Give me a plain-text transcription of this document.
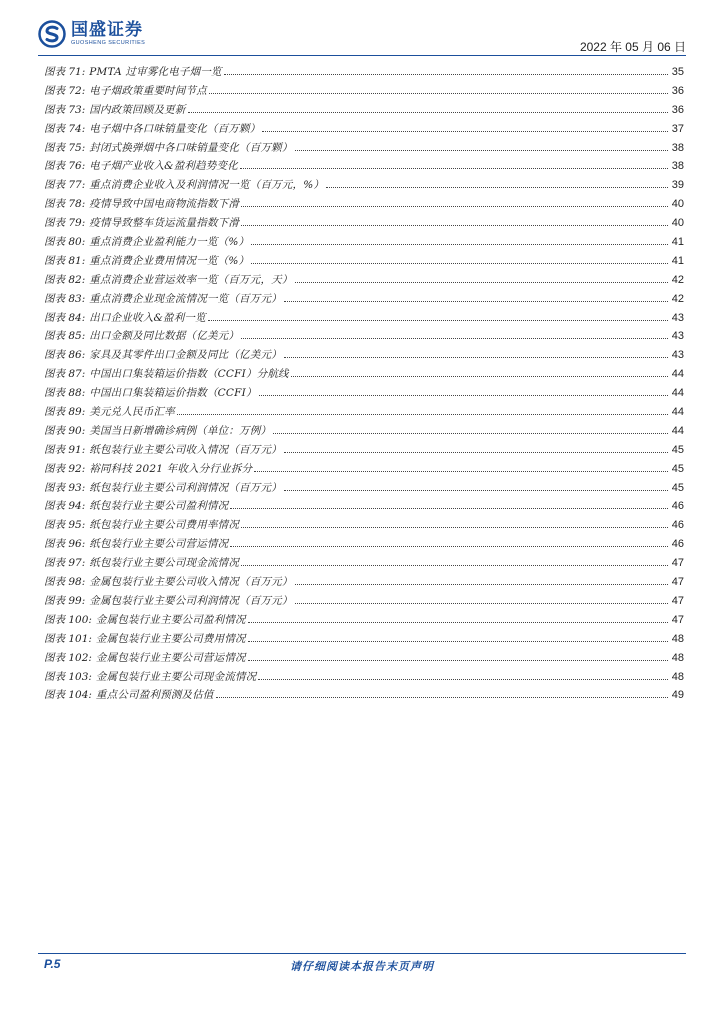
国盛证券
GUOSHENG SECURITIES	2022 年 05 月 06 日
图表 71: PMTA 过审雾化电子烟一览	35
图表 72: 电子烟政策重要时间节点	36
图表 73: 国内政策回顾及更新	36
图表 74: 电子烟中各口味销量变化（百万颗）	37
图表 75: 封闭式换弹烟中各口味销量变化（百万颗）	38
图表 76: 电子烟产业收入&盈利趋势变化	38
图表 77: 重点消费企业收入及利润情况一览（百万元，%）	39
图表 78: 疫情导致中国电商物流指数下滑	40
图表 79: 疫情导致整车货运流量指数下滑	40
图表 80: 重点消费企业盈利能力一览（%）	41
图表 81: 重点消费企业费用情况一览（%）	41
图表 82: 重点消费企业营运效率一览（百万元，天）	42
图表 83: 重点消费企业现金流情况一览（百万元）	42
图表 84: 出口企业收入&盈利一览	43
图表 85: 出口金额及同比数据（亿美元）	43
图表 86: 家具及其零件出口金额及同比（亿美元）	43
图表 87: 中国出口集装箱运价指数（CCFI）分航线	44
图表 88: 中国出口集装箱运价指数（CCFI）	44
图表 89: 美元兑人民币汇率	44
图表 90: 美国当日新增确诊病例（单位：万例）	44
图表 91: 纸包装行业主要公司收入情况（百万元）	45
图表 92: 裕同科技 2021 年收入分行业拆分	45
图表 93: 纸包装行业主要公司利润情况（百万元）	45
图表 94: 纸包装行业主要公司盈利情况	46
图表 95: 纸包装行业主要公司费用率情况	46
图表 96: 纸包装行业主要公司营运情况	46
图表 97: 纸包装行业主要公司现金流情况	47
图表 98: 金属包装行业主要公司收入情况（百万元）	47
图表 99: 金属包装行业主要公司利润情况（百万元）	47
图表 100: 金属包装行业主要公司盈利情况	47
图表 101: 金属包装行业主要公司费用情况	48
图表 102: 金属包装行业主要公司营运情况	48
图表 103: 金属包装行业主要公司现金流情况	48
图表 104: 重点公司盈利预测及估值	49
P.5	请仔细阅读本报告末页声明
